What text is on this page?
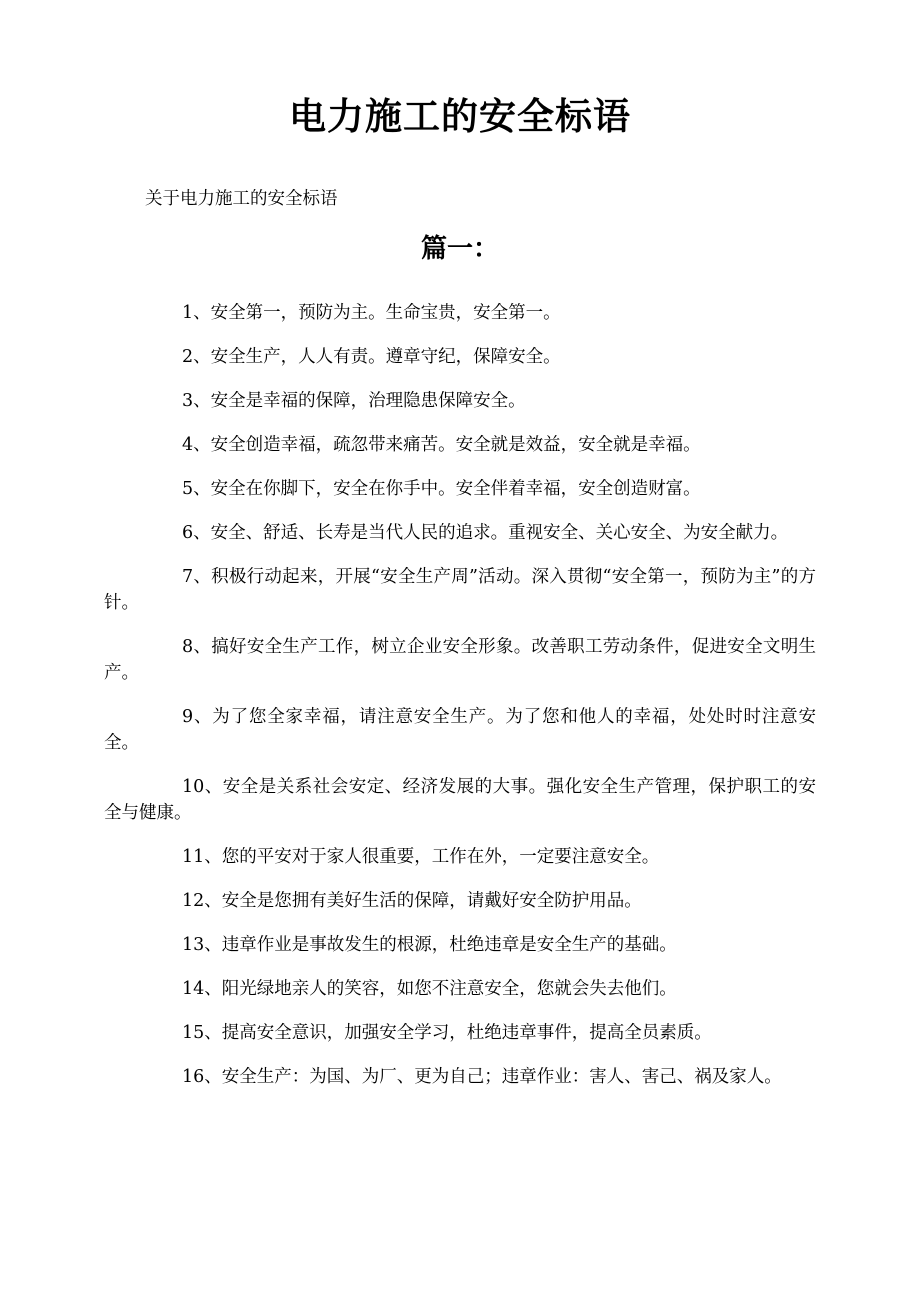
电力施工的安全标语
关于电力施工的安全标语
篇一：
1、安全第一，预防为主。生命宝贵，安全第一。
2、安全生产，人人有责。遵章守纪，保障安全。
3、安全是幸福的保障，治理隐患保障安全。
4、安全创造幸福，疏忽带来痛苦。安全就是效益，安全就是幸福。
5、安全在你脚下，安全在你手中。安全伴着幸福，安全创造财富。
6、安全、舒适、长寿是当代人民的追求。重视安全、关心安全、为安全献力。
7、积极行动起来，开展“安全生产周”活动。深入贯彻“安全第一，预防为主”的方针。
8、搞好安全生产工作，树立企业安全形象。改善职工劳动条件，促进安全文明生产。
9、为了您全家幸福，请注意安全生产。为了您和他人的幸福，处处时时注意安全。
10、安全是关系社会安定、经济发展的大事。强化安全生产管理，保护职工的安全与健康。
11、您的平安对于家人很重要，工作在外，一定要注意安全。
12、安全是您拥有美好生活的保障，请戴好安全防护用品。
13、违章作业是事故发生的根源，杜绝违章是安全生产的基础。
14、阳光绿地亲人的笑容，如您不注意安全，您就会失去他们。
15、提高安全意识，加强安全学习，杜绝违章事件，提高全员素质。
16、安全生产：为国、为厂、更为自己；违章作业：害人、害己、祸及家人。
